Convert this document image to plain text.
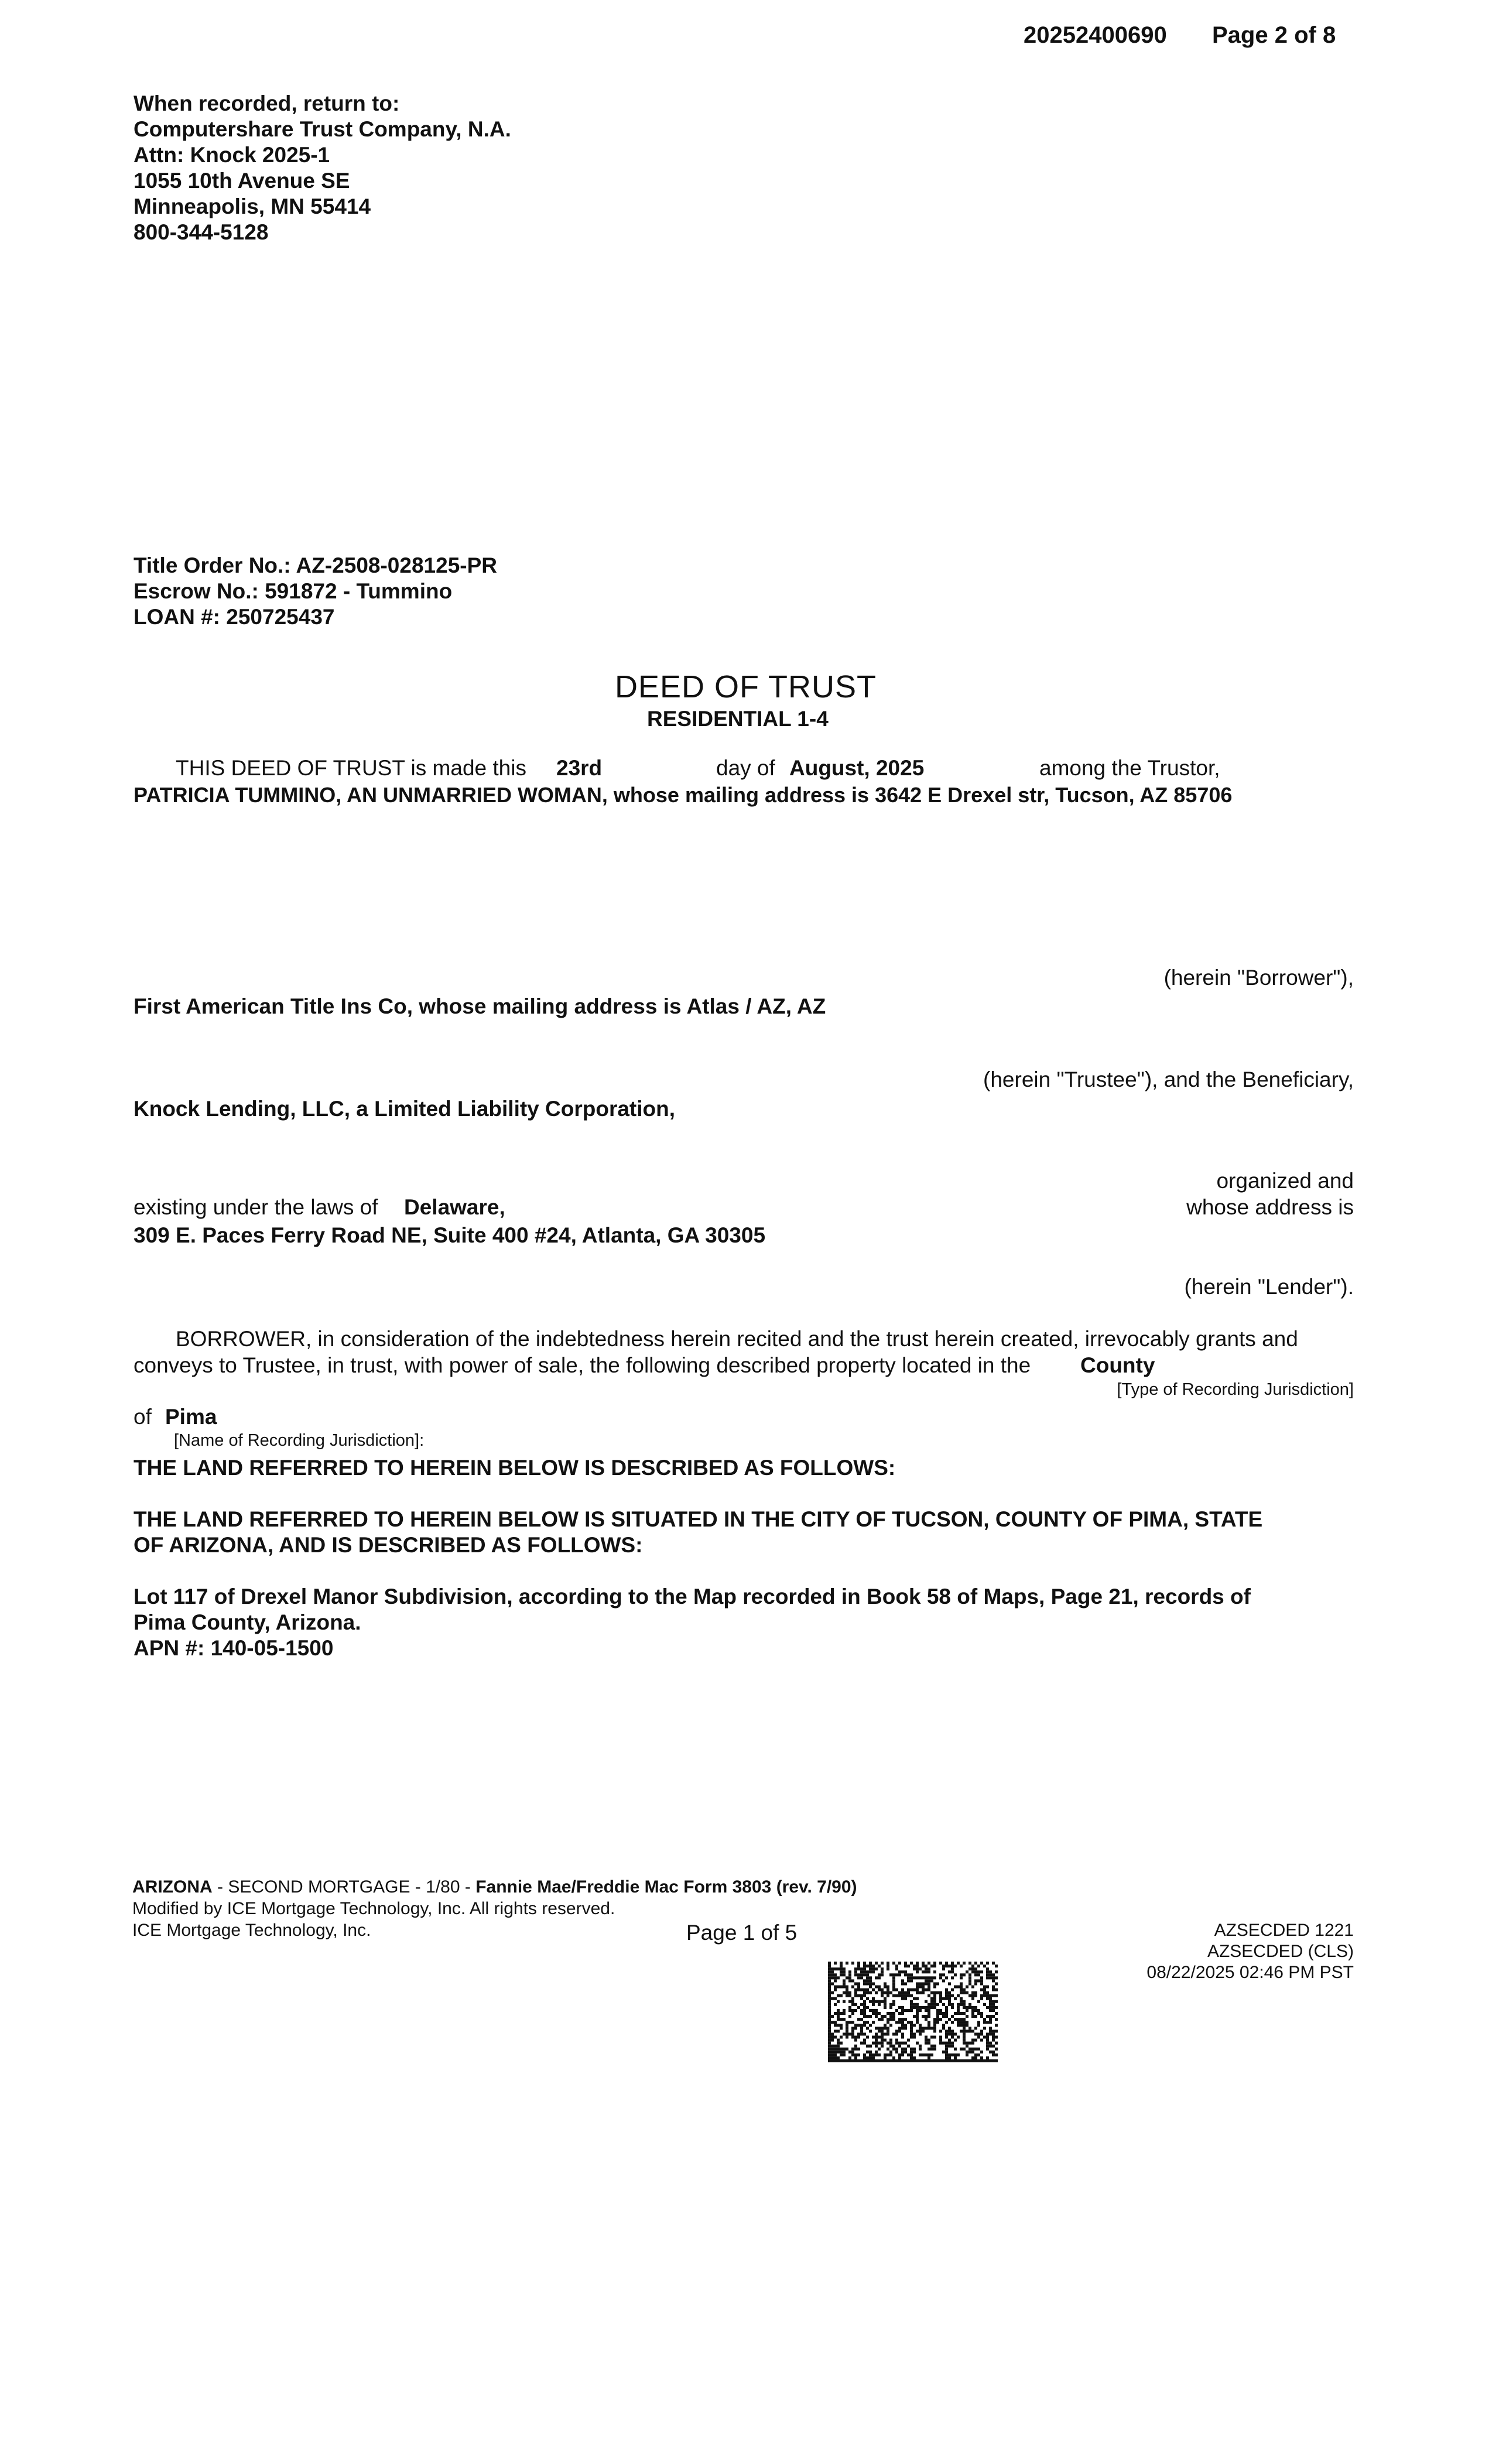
20252400690 Page 2 of 8
When recorded, return to:
Computershare Trust Company, N.A.
Attn: Knock 2025-1
1055 10th Avenue SE
Minneapolis, MN 55414
800-344-5128
Title Order No.: AZ-2508-028125-PR
Escrow No.: 591872 - Tummino
LOAN #: 250725437
DEED OF TRUST
RESIDENTIAL 1-4
THIS DEED OF TRUST is made this 23rd	day of August, 2025	among the Trustor,
PATRICIA TUMMINO, AN UNMARRIED WOMAN, whose mailing address is 3642 E Drexel str, Tucson, AZ 85706
(herein "Borrower"),
First American Title Ins Co, whose mailing address is Atlas / AZ, AZ
(herein "Trustee"), and the Beneficiary,
Knock Lending, LLC, a Limited Liability Corporation,
organized and
whose address is
existing under the laws of Delaware,
309 E. Paces Ferry Road NE, Suite 400 #24, Atlanta, GA 30305
(herein "Lender").
BORROWER, in consideration of the indebtedness herein recited and the trust herein created, irrevocably grants and
conveys to Trustee, in trust, with power of sale, the following described property located in the County
[Type of Recording Jurisdiction]
of Pima
[Name of Recording Jurisdiction]:
THE LAND REFERRED TO HEREIN BELOW IS DESCRIBED AS FOLLOWS:
THE LAND REFERRED TO HEREIN BELOW IS SITUATED IN THE CITY OF TUCSON, COUNTY OF PIMA, STATE
OF ARIZONA, AND IS DESCRIBED AS FOLLOWS:
Lot 117 of Drexel Manor Subdivision, according to the Map recorded in Book 58 of Maps, Page 21, records of
Pima County, Arizona.
APN #: 140-05-1500
ARIZONA - SECOND MORTGAGE - 1/80 - Fannie Mae/Freddie Mac Form 3803 (rev. 7/90)
Modified by ICE Mortgage Technology, Inc. All rights reserved.
ICE Mortgage Technology, Inc.	Page 1 of 5	AZSECDED 1221
AZSECDED (CLS)
08/22/2025 02:46 PM PST
